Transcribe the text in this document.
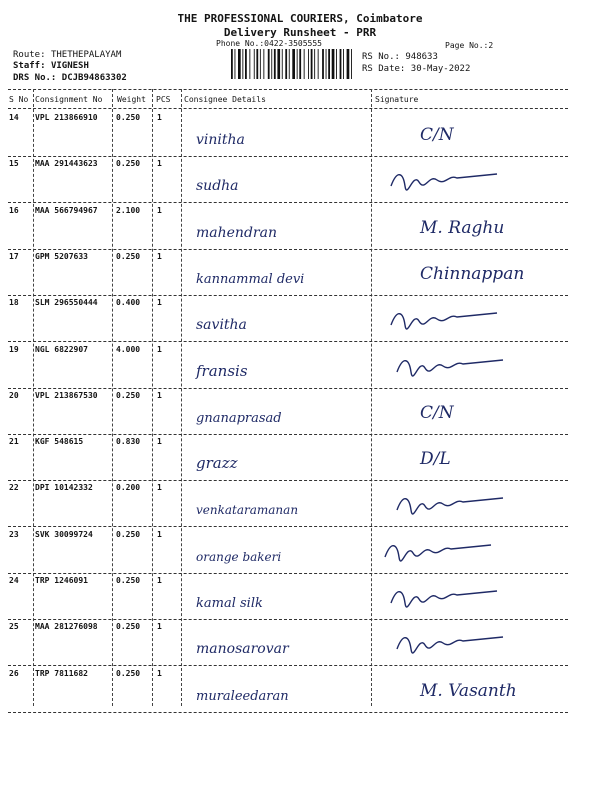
THE PROFESSIONAL COURIERS, Coimbatore
Delivery Runsheet - PRR
Phone No.:0422-3505555	Page No.:2
Route: THETHEPALAYAM
Staff: VIGNESH
DRS No.: DCJB94863302
RS No.: 948633
RS Date: 30-May-2022
S No Consignment No Weight PCS Consignee Details	Signature
14 VPL 213866910 0.250 1
vinitha	C/N
15 MAA 291443623 0.250 1
sudha
16 MAA 566794967 2.100 1
mahendran	M. Raghu
17 GPM 5207633	0.250 1
kannammal devi	Chinnappan
18 SLM 296550444 0.400 1
savitha
19 NGL 6822907	4.000 1
fransis
20 VPL 213867530 0.250 1
gnanaprasad	C/N
21 KGF 548615	0.830 1
grazz	D/L
22 DPI 10142332	0.200 1
venkataramanan
23 SVK 30099724	0.250 1
orange bakeri
24 TRP 1246091	0.250 1
kamal silk
25 MAA 281276098 0.250 1
manosarovar
26 TRP 7811682	0.250 1
muraleedaran	M. Vasanth
